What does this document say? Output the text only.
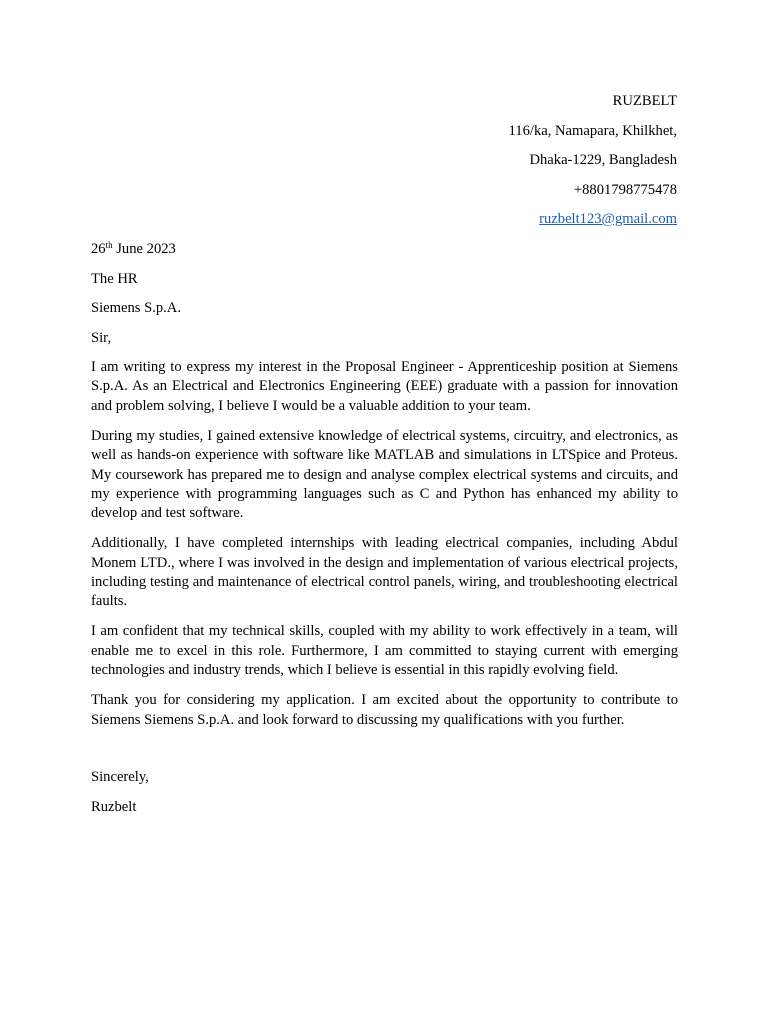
RUZBELT
116/ka, Namapara, Khilkhet,
Dhaka-1229, Bangladesh
+8801798775478
ruzbelt123@gmail.com
26th June 2023
The HR
Siemens S.p.A.
Sir,
I am writing to express my interest in the Proposal Engineer - Apprenticeship position at Siemens S.p.A. As an Electrical and Electronics Engineering (EEE) graduate with a passion for innovation and problem solving, I believe I would be a valuable addition to your team.
During my studies, I gained extensive knowledge of electrical systems, circuitry, and electronics, as well as hands-on experience with software like MATLAB and simulations in LTSpice and Proteus. My coursework has prepared me to design and analyse complex electrical systems and circuits, and my experience with programming languages such as C and Python has enhanced my ability to develop and test software.
Additionally, I have completed internships with leading electrical companies, including Abdul Monem LTD., where I was involved in the design and implementation of various electrical projects, including testing and maintenance of electrical control panels, wiring, and troubleshooting electrical faults.
I am confident that my technical skills, coupled with my ability to work effectively in a team, will enable me to excel in this role. Furthermore, I am committed to staying current with emerging technologies and industry trends, which I believe is essential in this rapidly evolving field.
Thank you for considering my application. I am excited about the opportunity to contribute to Siemens Siemens S.p.A. and look forward to discussing my qualifications with you further.
Sincerely,
Ruzbelt
